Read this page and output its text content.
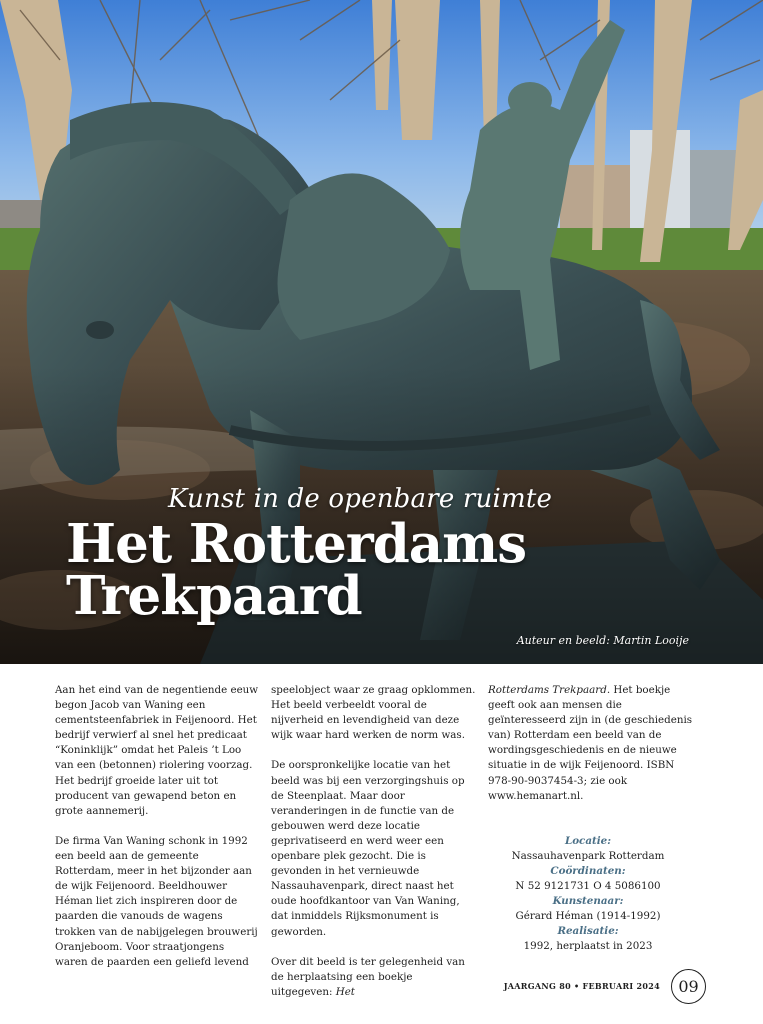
Kunst in de openbare ruimte
Het Rotterdams
Trekpaard
Auteur en beeld: Martin Looije

Aan het eind van de negentiende eeuw begon Jacob van Waning een cementsteenfabriek in Feijenoord. Het bedrijf verwierf al snel het predicaat “Koninklijk” omdat het Paleis ’t Loo van een (betonnen) riolering voorzag. Het bedrijf groeide later uit tot producent van gewapend beton en grote aannemerij.

De firma Van Waning schonk in 1992 een beeld aan de gemeente Rotterdam, meer in het bijzonder aan de wijk Feijenoord. Beeldhouwer Héman liet zich inspireren door de paarden die vanouds de wagens trokken van de nabijgelegen brouwerij Oranjeboom. Voor straatjongens waren de paarden een geliefd levend

speelobject waar ze graag opklommen. Het beeld verbeeldt vooral de nijverheid en levendigheid van deze wijk waar hard werken de norm was.

De oorspronkelijke locatie van het beeld was bij een verzorgingshuis op de Steenplaat. Maar door veranderingen in de functie van de gebouwen werd deze locatie geprivatiseerd en werd weer een openbare plek gezocht. Die is gevonden in het vernieuwde Nassauhavenpark, direct naast het oude hoofdkantoor van Van Waning, dat inmiddels Rijksmonument is geworden.

Over dit beeld is ter gelegenheid van de herplaatsing een boekje uitgegeven: Het

Rotterdams Trekpaard. Het boekje geeft ook aan mensen die geïnteresseerd zijn in (de geschiedenis van) Rotterdam een beeld van de wordingsgeschiedenis en de nieuwe situatie in de wijk Feijenoord. ISBN 978-90-9037454-3; zie ook www.hemanart.nl.

Locatie:
Nassauhavenpark Rotterdam
Coördinaten:
N 52 9121731 O 4 5086100
Kunstenaar:
Gérard Héman (1914-1992)
Realisatie:
1992, herplaatst in 2023
JAARGANG 80 • FEBRUARI 2024	09
